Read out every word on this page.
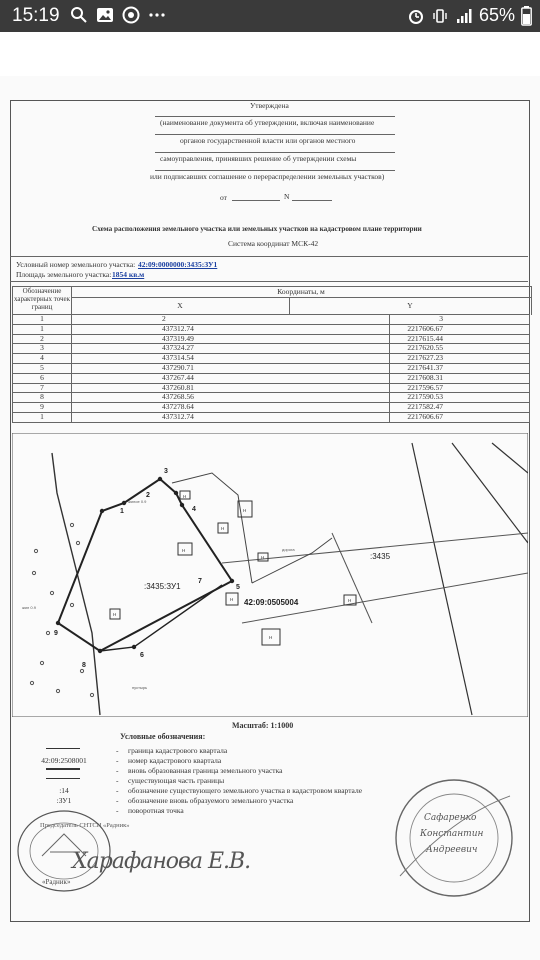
15:19	65%
Утверждена
(наименование документа об утверждении, включая наименование
органов государственной власти или органов местного
самоуправления, принявших решение об утверждении схемы
или подписавших соглашение о перераспределении земельных участков)
от	N
Схема расположения земельного участка или земельных участков на кадастровом плане территории
Система координат МСК-42
Условный номер земельного участка: 42:09:0000000:3435:ЗУ1
Площадь земельного участка: 1854 кв.м
Обозначение характерных точек границ
Координаты, м
X	Y
1	2	3
1	437312.74	2217606.67
2	437319.49	2217615.44
3	437324.27	2217620.55
4	437314.54	2217627.23
5	437290.71	2217641.37
6	437267.44	2217608.31
7	437260.81	2217596.57
8	437268.56	2217590.53
9	437278.64	2217582.47
1	437312.74	2217606.67
1
2
3
4
5
6
7
8
9
Н
Н
Н
Н
Н
Н
Н
Н
Н
жилое 0.9
жил 0.9
пустырь
дорога
:3435:ЗУ1
42:09:0505004
:3435
Масштаб: 1:1000
Условные обозначения:
«Радник»
Председатель СНТСН «Радник»
Харафанова Е.В.
Сафаренко
Константин
Андреевич
- граница кадастрового квартала
42:09:2508001	- номер кадастрового квартала
- вновь образованная граница земельного участка
- существующая часть границы
:14	- обозначение существующего земельного участка в кадастровом квартале
:ЗУ1	- обозначение вновь образуемого земельного участка
- поворотная точка
